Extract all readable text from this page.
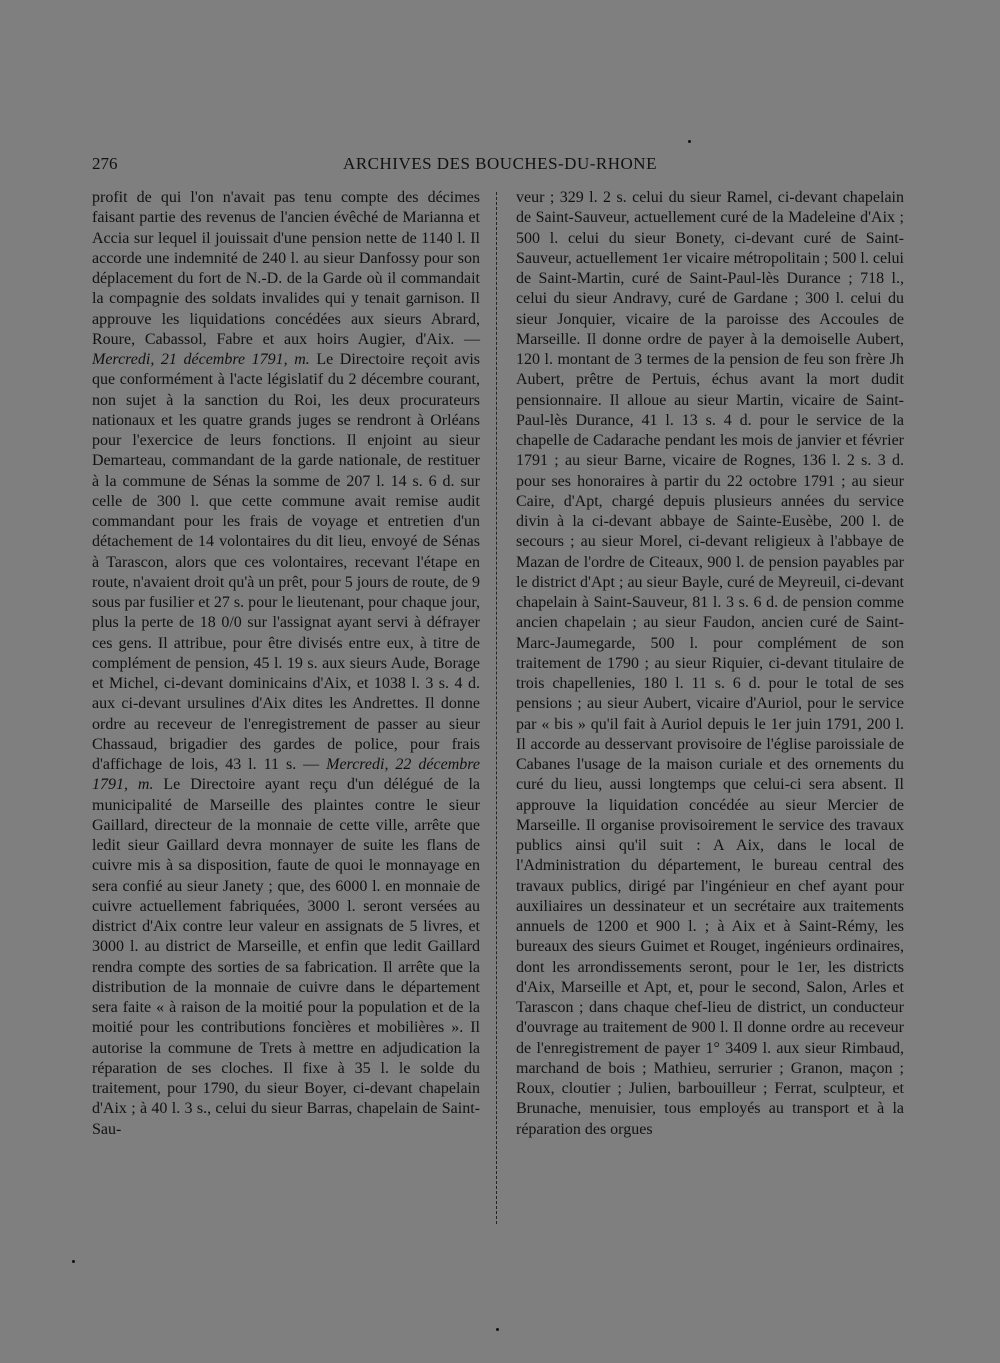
276	ARCHIVES DES BOUCHES-DU-RHONE

profit de qui l'on n'avait pas tenu compte des décimes faisant partie des revenus de l'ancien évêché de Marianna et Accia sur lequel il jouissait d'une pension nette de 1140 l. Il accorde une indemnité de 240 l. au sieur Danfossy pour son déplacement du fort de N.-D. de la Garde où il commandait la compagnie des soldats invalides qui y tenait garnison. Il approuve les liquidations concédées aux sieurs Abrard, Roure, Cabassol, Fabre et aux hoirs Augier, d'Aix. — Mercredi, 21 décembre 1791, m. Le Directoire reçoit avis que conformément à l'acte législatif du 2 décembre courant, non sujet à la sanction du Roi, les deux procurateurs nationaux et les quatre grands juges se rendront à Orléans pour l'exercice de leurs fonctions. Il enjoint au sieur Demarteau, commandant de la garde nationale, de restituer à la commune de Sénas la somme de 207 l. 14 s. 6 d. sur celle de 300 l. que cette commune avait remise audit commandant pour les frais de voyage et entretien d'un détachement de 14 volontaires du dit lieu, envoyé de Sénas à Tarascon, alors que ces volontaires, recevant l'étape en route, n'avaient droit qu'à un prêt, pour 5 jours de route, de 9 sous par fusilier et 27 s. pour le lieutenant, pour chaque jour, plus la perte de 18 0/0 sur l'assignat ayant servi à défrayer ces gens. Il attribue, pour être divisés entre eux, à titre de complément de pension, 45 l. 19 s. aux sieurs Aude, Borage et Michel, ci-devant dominicains d'Aix, et 1038 l. 3 s. 4 d. aux ci-devant ursulines d'Aix dites les Andrettes. Il donne ordre au receveur de l'enregistrement de passer au sieur Chassaud, brigadier des gardes de police, pour frais d'affichage de lois, 43 l. 11 s. — Mercredi, 22 décembre 1791, m. Le Directoire ayant reçu d'un délégué de la municipalité de Marseille des plaintes contre le sieur Gaillard, directeur de la monnaie de cette ville, arrête que ledit sieur Gaillard devra monnayer de suite les flans de cuivre mis à sa disposition, faute de quoi le monnayage en sera confié au sieur Janety ; que, des 6000 l. en monnaie de cuivre actuellement fabriquées, 3000 l. seront versées au district d'Aix contre leur valeur en assignats de 5 livres, et 3000 l. au district de Marseille, et enfin que ledit Gaillard rendra compte des sorties de sa fabrication. Il arrête que la distribution de la monnaie de cuivre dans le département sera faite « à raison de la moitié pour la population et de la moitié pour les contributions foncières et mobilières ». Il autorise la commune de Trets à mettre en adjudication la réparation de ses cloches. Il fixe à 35 l. le solde du traitement, pour 1790, du sieur Boyer, ci-devant chapelain d'Aix ; à 40 l. 3 s., celui du sieur Barras, chapelain de Saint-Sau-

veur ; 329 l. 2 s. celui du sieur Ramel, ci-devant chapelain de Saint-Sauveur, actuellement curé de la Madeleine d'Aix ; 500 l. celui du sieur Bonety, ci-devant curé de Saint-Sauveur, actuellement 1er vicaire métropolitain ; 500 l. celui de Saint-Martin, curé de Saint-Paul-lès Durance ; 718 l., celui du sieur Andravy, curé de Gardane ; 300 l. celui du sieur Jonquier, vicaire de la paroisse des Accoules de Marseille. Il donne ordre de payer à la demoiselle Aubert, 120 l. montant de 3 termes de la pension de feu son frère Jh Aubert, prêtre de Pertuis, échus avant la mort dudit pensionnaire. Il alloue au sieur Martin, vicaire de Saint-Paul-lès Durance, 41 l. 13 s. 4 d. pour le service de la chapelle de Cadarache pendant les mois de janvier et février 1791 ; au sieur Barne, vicaire de Rognes, 136 l. 2 s. 3 d. pour ses honoraires à partir du 22 octobre 1791 ; au sieur Caire, d'Apt, chargé depuis plusieurs années du service divin à la ci-devant abbaye de Sainte-Eusèbe, 200 l. de secours ; au sieur Morel, ci-devant religieux à l'abbaye de Mazan de l'ordre de Citeaux, 900 l. de pension payables par le district d'Apt ; au sieur Bayle, curé de Meyreuil, ci-devant chapelain à Saint-Sauveur, 81 l. 3 s. 6 d. de pension comme ancien chapelain ; au sieur Faudon, ancien curé de Saint-Marc-Jaumegarde, 500 l. pour complément de son traitement de 1790 ; au sieur Riquier, ci-devant titulaire de trois chapellenies, 180 l. 11 s. 6 d. pour le total de ses pensions ; au sieur Aubert, vicaire d'Auriol, pour le service par « bis » qu'il fait à Auriol depuis le 1er juin 1791, 200 l. Il accorde au desservant provisoire de l'église paroissiale de Cabanes l'usage de la maison curiale et des ornements du curé du lieu, aussi longtemps que celui-ci sera absent. Il approuve la liquidation concédée au sieur Mercier de Marseille. Il organise provisoirement le service des travaux publics ainsi qu'il suit : A Aix, dans le local de l'Administration du département, le bureau central des travaux publics, dirigé par l'ingénieur en chef ayant pour auxiliaires un dessinateur et un secrétaire aux traitements annuels de 1200 et 900 l. ; à Aix et à Saint-Rémy, les bureaux des sieurs Guimet et Rouget, ingénieurs ordinaires, dont les arrondissements seront, pour le 1er, les districts d'Aix, Marseille et Apt, et, pour le second, Salon, Arles et Tarascon ; dans chaque chef-lieu de district, un conducteur d'ouvrage au traitement de 900 l. Il donne ordre au receveur de l'enregistrement de payer 1° 3409 l. aux sieur Rimbaud, marchand de bois ; Mathieu, serrurier ; Granon, maçon ; Roux, cloutier ; Julien, barbouilleur ; Ferrat, sculpteur, et Brunache, menuisier, tous employés au transport et à la réparation des orgues
